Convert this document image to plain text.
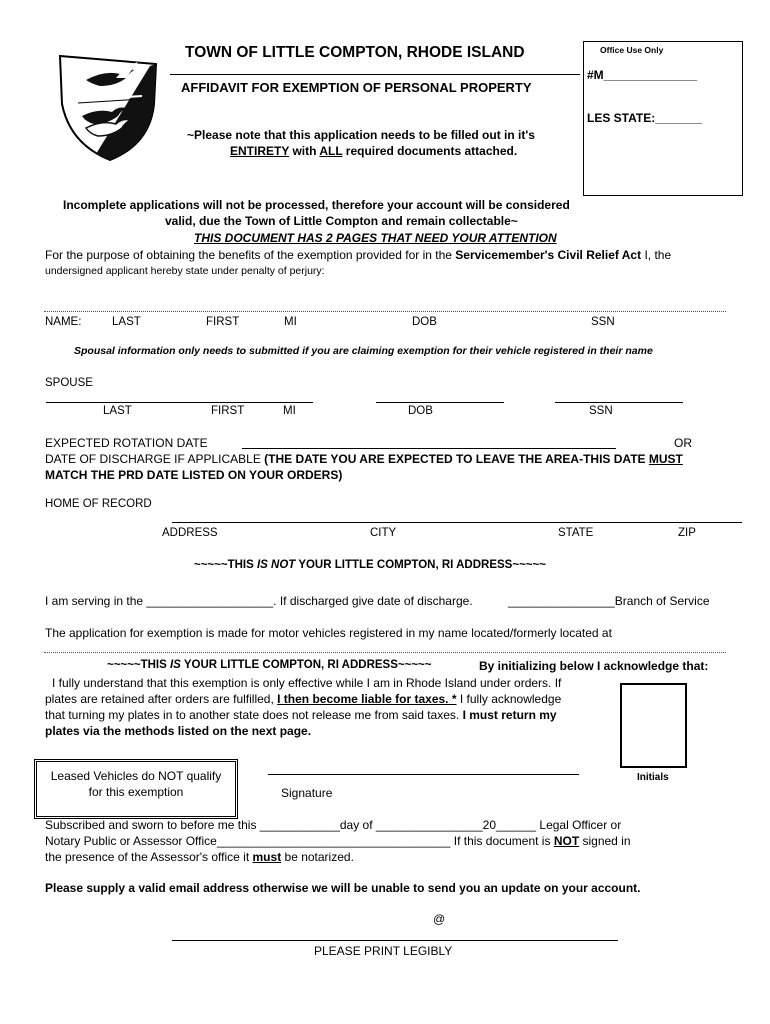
TOWN OF LITTLE COMPTON, RHODE ISLAND
AFFIDAVIT FOR EXEMPTION OF PERSONAL PROPERTY
~Please note that this application needs to be filled out in it's
ENTIRETY with ALL required documents attached.
Office Use Only
#M______________
LES STATE:_______
Incomplete applications will not be processed, therefore your account will be considered
valid, due the Town of Little Compton and remain collectable~
THIS DOCUMENT HAS 2 PAGES THAT NEED YOUR ATTENTION
For the purpose of obtaining the benefits of the exemption provided for in the Servicemember's Civil Relief Act I, the
undersigned applicant hereby state under penalty of perjury:
NAME:	LAST	FIRST	MI	DOB	SSN
Spousal information only needs to submitted if you are claiming exemption for their vehicle registered in their name
SPOUSE
LAST	FIRST	MI	DOB	SSN
EXPECTED ROTATION DATE	OR
DATE OF DISCHARGE IF APPLICABLE (THE DATE YOU ARE EXPECTED TO LEAVE THE AREA-THIS DATE MUST
MATCH THE PRD DATE LISTED ON YOUR ORDERS)
HOME OF RECORD
ADDRESS	CITY	STATE	ZIP
~~~~~THIS IS NOT YOUR LITTLE COMPTON, RI ADDRESS~~~~~
I am serving in the ___________________. If discharged give date of discharge.	________________Branch of Service
The application for exemption is made for motor vehicles registered in my name located/formerly located at
~~~~~THIS IS YOUR LITTLE COMPTON, RI ADDRESS~~~~~	By initializing below I acknowledge that:
I fully understand that this exemption is only effective while I am in Rhode Island under orders. If
plates are retained after orders are fulfilled, I then become liable for taxes. * I fully acknowledge
that turning my plates in to another state does not release me from said taxes. I must return my
plates via the methods listed on the next page.
Initials
Leased Vehicles do NOT qualify
for this exemption	Signature
Subscribed and sworn to before me this ____________day of ________________20______ Legal Officer or
Notary Public or Assessor Office___________________________________ If this document is NOT signed in
the presence of the Assessor's office it must be notarized.
Please supply a valid email address otherwise we will be unable to send you an update on your account.
@
PLEASE PRINT LEGIBLY
